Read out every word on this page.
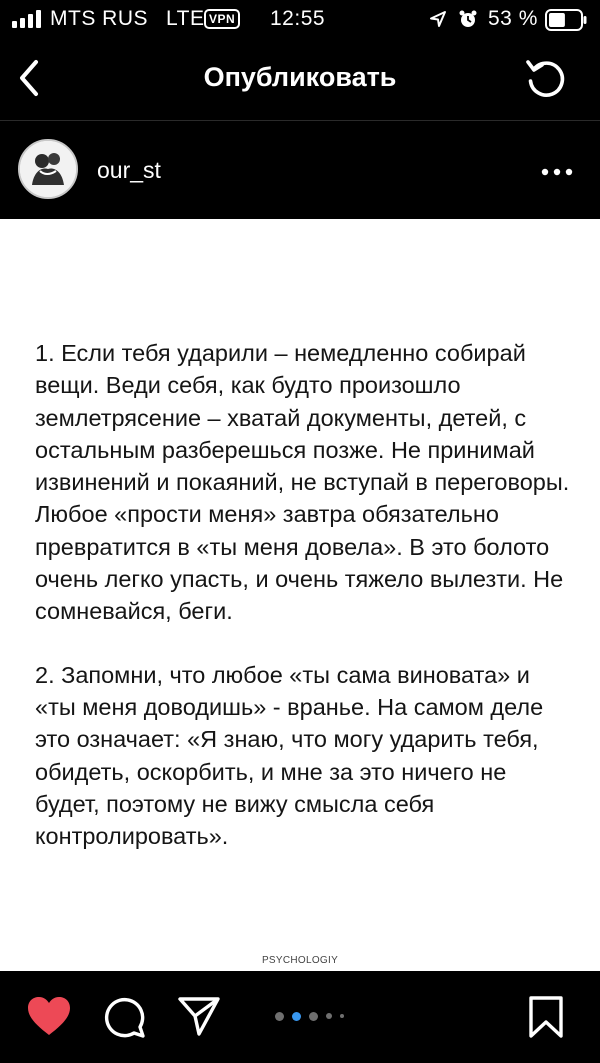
MTS RUS LTE VPN 12:55	53 %
Опубликовать
our_st

1. Если тебя ударили – немедленно собирай вещи. Веди себя, как будто произошло землетрясение – хватай документы, детей, с остальным разберешься позже. Не принимай извинений и покаяний, не вступай в переговоры. Любое «прости меня» завтра обязательно превратится в «ты меня довела». В это болото очень легко упасть, и очень тяжело вылезти. Не сомневайся, беги.

2. Запомни, что любое «ты сама виновата» и «ты меня доводишь» - вранье. На самом деле это означает: «Я знаю, что могу ударить тебя, обидеть, оскорбить, и мне за это ничего не будет, поэтому не вижу смысла себя контролировать».

PSYCHOLOGIY
